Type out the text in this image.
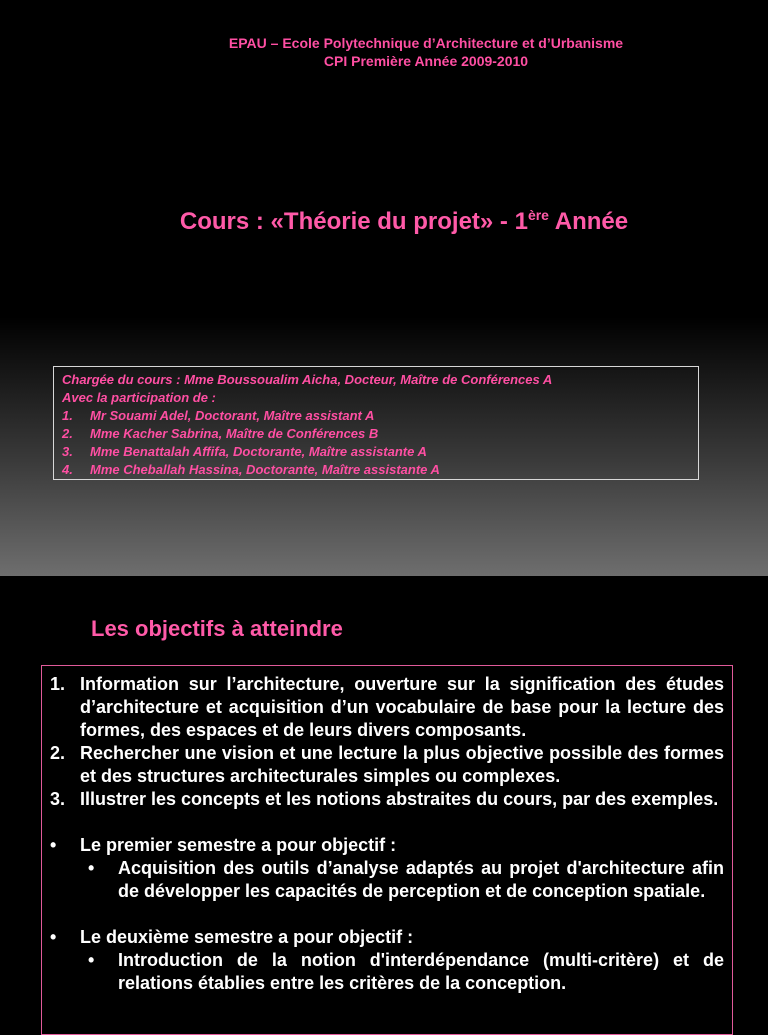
EPAU – Ecole Polytechnique d’Architecture et d’Urbanisme
CPI Première Année 2009-2010
Cours : «Théorie du projet» - 1ère Année
Chargée du cours : Mme Boussoualim Aicha, Docteur, Maître de Conférences A
Avec la participation de :
1.	Mr Souami Adel, Doctorant, Maître assistant A
2.	Mme Kacher Sabrina, Maître de Conférences B
3.	Mme Benattalah Affifa, Doctorante, Maître assistante A
4.	Mme Cheballah Hassina, Doctorante, Maître assistante A
Les objectifs à atteindre
1. Information sur l’architecture, ouverture sur la signification des études d’architecture et acquisition d’un vocabulaire de base pour la lecture des formes, des espaces et de leurs divers composants.
2. Rechercher une vision et une lecture la plus objective possible des formes et des structures architecturales simples ou complexes.
3. Illustrer les concepts et les notions abstraites du cours, par des exemples.
•	Le premier semestre a pour objectif :
•	Acquisition des outils d’analyse adaptés au projet d'architecture afin de développer les capacités de perception et de conception spatiale.
•	Le deuxième semestre a pour objectif :
•	Introduction de la notion d'interdépendance (multi-critère) et de relations établies entre les critères de la conception.
